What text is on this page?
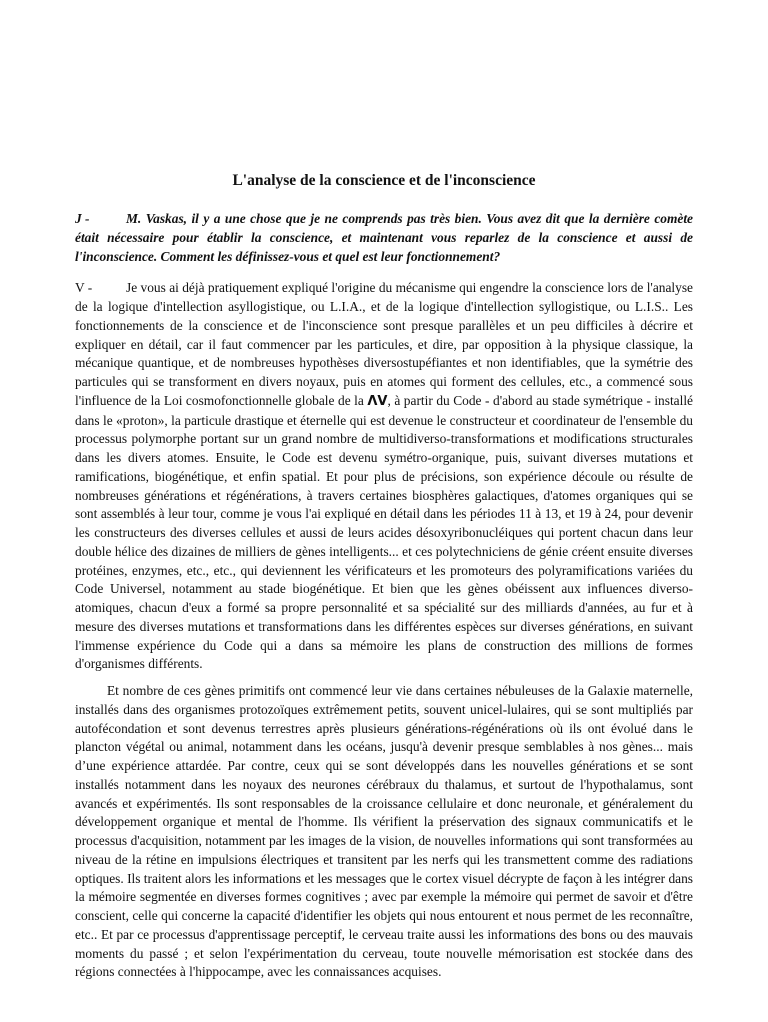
L'analyse de la conscience et de l'inconscience

J -	M. Vaskas, il y a une chose que je ne comprends pas très bien. Vous avez dit que la dernière comète était nécessaire pour établir la conscience, et maintenant vous reparlez de la conscience et aussi de l'inconscience. Comment les définissez-vous et quel est leur fonctionnement?

V -	Je vous ai déjà pratiquement expliqué l'origine du mécanisme qui engendre la conscience lors de l'analyse de la logique d'intellection asyllogistique, ou L.I.A., et de la logique d'intellection syllogistique, ou L.I.S.. Les fonctionnements de la conscience et de l'inconscience sont presque parallèles et un peu difficiles à décrire et expliquer en détail, car il faut commencer par les particules, et dire, par opposition à la physique classique, la mécanique quantique, et de nombreuses hypothèses diversostupéfiantes et non identifiables, que la symétrie des particules qui se transforment en divers noyaux, puis en atomes qui forment des cellules, etc., a commencé sous l'influence de la Loi cosmofonctionnelle globale de la ΛV, à partir du Code - d'abord au stade symétrique - installé dans le «proton», la particule drastique et éternelle qui est devenue le constructeur et coordinateur de l'ensemble du processus polymorphe portant sur un grand nombre de multidiverso-transformations et modifications structurales dans les divers atomes. Ensuite, le Code est devenu symétro-organique, puis, suivant diverses mutations et ramifications, biogénétique, et enfin spatial. Et pour plus de précisions, son expérience découle ou résulte de nombreuses générations et régénérations, à travers certaines biosphères galactiques, d'atomes organiques qui se sont assemblés à leur tour, comme je vous l'ai expliqué en détail dans les périodes 11 à 13, et 19 à 24, pour devenir les constructeurs des diverses cellules et aussi de leurs acides désoxyribonucléiques qui portent chacun dans leur double hélice des dizaines de milliers de gènes intelligents... et ces polytechniciens de génie créent ensuite diverses protéines, enzymes, etc., etc., qui deviennent les vérificateurs et les promoteurs des polyramifications variées du Code Universel, notamment au stade biogénétique. Et bien que les gènes obéissent aux influences diverso-atomiques, chacun d'eux a formé sa propre personnalité et sa spécialité sur des milliards d'années, au fur et à mesure des diverses mutations et transformations dans les différentes espèces sur diverses générations, en suivant l'immense expérience du Code qui a dans sa mémoire les plans de construction des millions de formes d'organismes différents.

Et nombre de ces gènes primitifs ont commencé leur vie dans certaines nébuleuses de la Galaxie maternelle, installés dans des organismes protozoïques extrêmement petits, souvent unicel-lulaires, qui se sont multipliés par autofécondation et sont devenus terrestres après plusieurs générations-régénérations où ils ont évolué dans le plancton végétal ou animal, notamment dans les océans, jusqu'à devenir presque semblables à nos gènes... mais d’une expérience attardée. Par contre, ceux qui se sont développés dans les nouvelles générations et se sont installés notamment dans les noyaux des neurones cérébraux du thalamus, et surtout de l'hypothalamus, sont avancés et expérimentés. Ils sont responsables de la croissance cellulaire et donc neuronale, et généralement du développement organique et mental de l'homme. Ils vérifient la préservation des signaux communicatifs et le processus d'acquisition, notamment par les images de la vision, de nouvelles informations qui sont transformées au niveau de la rétine en impulsions électriques et transitent par les nerfs qui les transmettent comme des radiations optiques. Ils traitent alors les informations et les messages que le cortex visuel décrypte de façon à les intégrer dans la mémoire segmentée en diverses formes cognitives ; avec par exemple la mémoire qui permet de savoir et d'être conscient, celle qui concerne la capacité d'identifier les objets qui nous entourent et nous permet de les reconnaître, etc.. Et par ce processus d'apprentissage perceptif, le cerveau traite aussi les informations des bons ou des mauvais moments du passé ; et selon l'expérimentation du cerveau, toute nouvelle mémorisation est stockée dans des régions connectées à l'hippocampe, avec les connaissances acquises.
